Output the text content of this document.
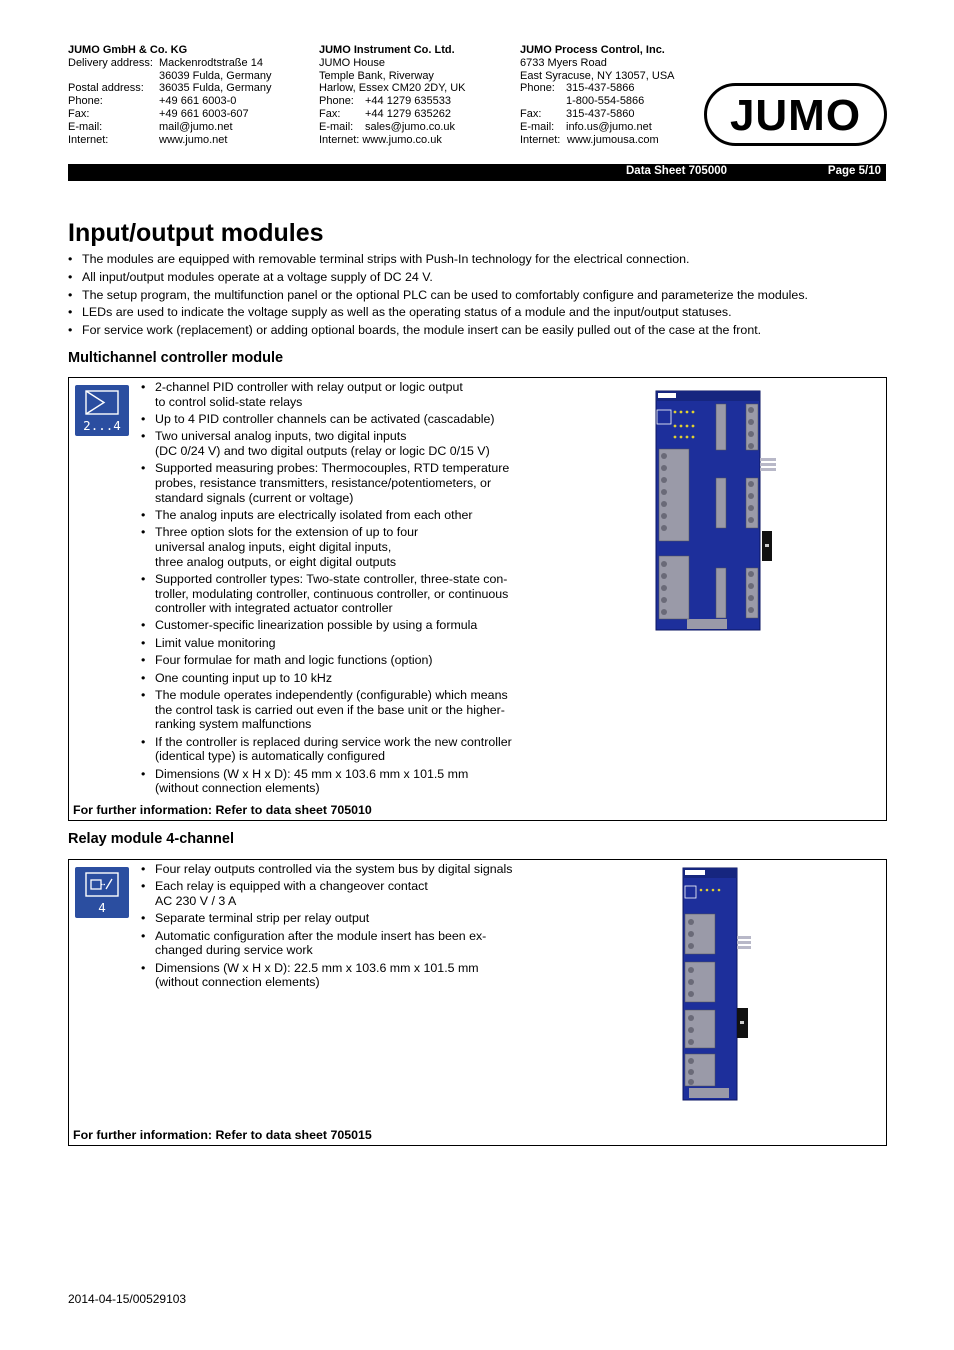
JUMO GmbH & Co. KG
Delivery address: Mackenrodtstraße 14
36039 Fulda, Germany
Postal address:	36035 Fulda, Germany
Phone:	+49 661 6003-0
Fax:	+49 661 6003-607
E-mail:	mail@jumo.net
Internet:	www.jumo.net
JUMO Instrument Co. Ltd.
JUMO House
Temple Bank, Riverway
Harlow, Essex CM20 2DY, UK
Phone:	+44 1279 635533
Fax:	+44 1279 635262
E-mail:	sales@jumo.co.uk
Internet: www.jumo.co.uk
JUMO Process Control, Inc.
6733 Myers Road
East Syracuse, NY 13057, USA
Phone:	315-437-5866
1-800-554-5866
Fax:	315-437-5860
E-mail:	info.us@jumo.net
Internet: www.jumousa.com JUMO
Data Sheet 705000	Page 5/10
Input/output modules
• The modules are equipped with removable terminal strips with Push-In technology for the electrical connection.
• All input/output modules operate at a voltage supply of DC 24 V.
• The setup program, the multifunction panel or the optional PLC can be used to comfortably configure and parameterize the modules.
• LEDs are used to indicate the voltage supply as well as the operating status of a module and the input/output statuses.
• For service work (replacement) or adding optional boards, the module insert can be easily pulled out of the case at the front.
Multichannel controller module
2...4
• 2-channel PID controller with relay output or logic output
to control solid-state relays
• Up to 4 PID controller channels can be activated (cascadable)
• Two universal analog inputs, two digital inputs
(DC 0/24 V) and two digital outputs (relay or logic DC 0/15 V)
• Supported measuring probes: Thermocouples, RTD temperature
probes, resistance transmitters, resistance/potentiometers, or
standard signals (current or voltage)
• The analog inputs are electrically isolated from each other
• Three option slots for the extension of up to four
universal analog inputs, eight digital inputs,
three analog outputs, or eight digital outputs
• Supported controller types: Two-state controller, three-state con-
troller, modulating controller, continuous controller, or continuous
controller with integrated actuator controller
• Customer-specific linearization possible by using a formula
• Limit value monitoring
• Four formulae for math and logic functions (option)
• One counting input up to 10 kHz
• The module operates independently (configurable) which means
the control task is carried out even if the base unit or the higher-
ranking system malfunctions
• If the controller is replaced during service work the new controller
(identical type) is automatically configured
• Dimensions (W x H x D): 45 mm x 103.6 mm x 101.5 mm
(without connection elements)
For further information: Refer to data sheet 705010
Relay module 4-channel
4
• Four relay outputs controlled via the system bus by digital signals
• Each relay is equipped with a changeover contact
AC 230 V / 3 A
• Separate terminal strip per relay output
• Automatic configuration after the module insert has been ex-
changed during service work
• Dimensions (W x H x D): 22.5 mm x 103.6 mm x 101.5 mm
(without connection elements)
For further information: Refer to data sheet 705015
2014-04-15/00529103
